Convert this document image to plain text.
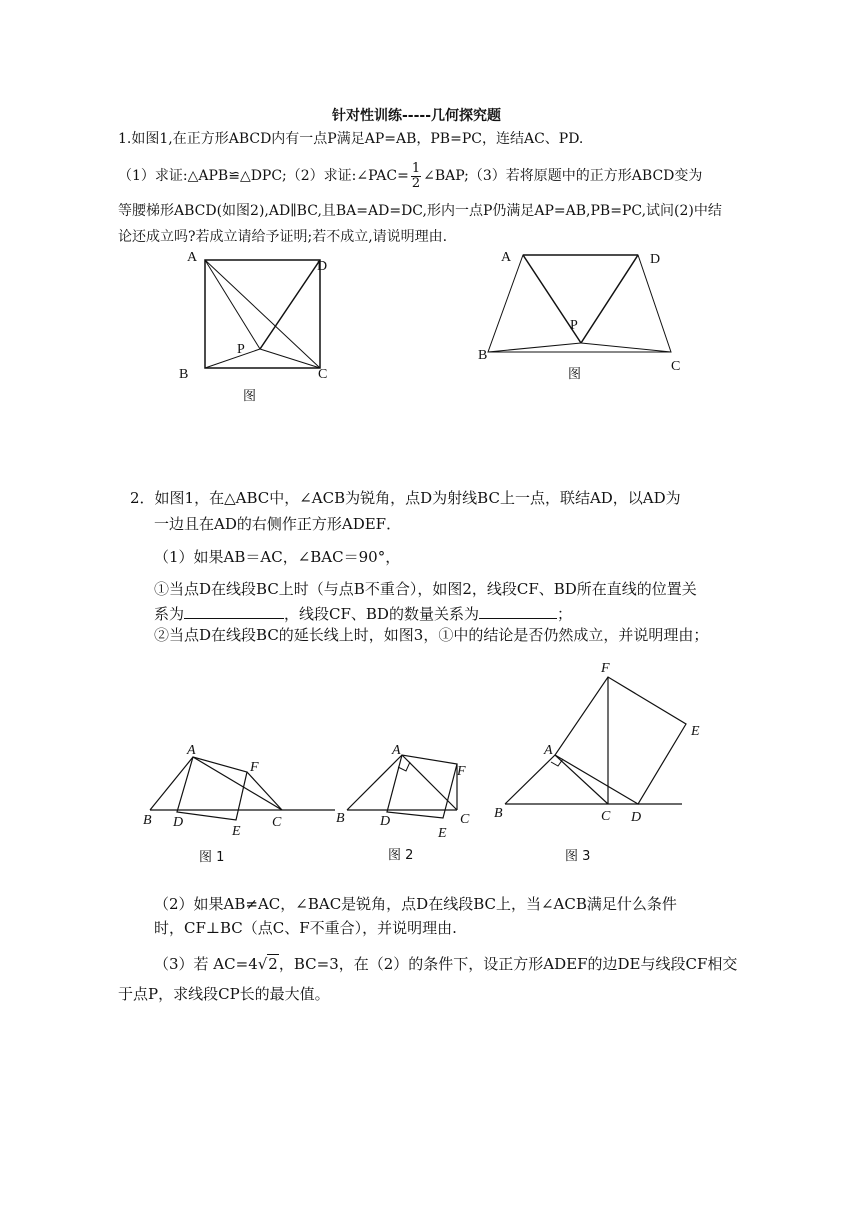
针对性训练-----几何探究题
1.如图1,在正方形ABCD内有一点P满足AP=AB，PB=PC，连结AC、PD.
（1）求证:△APB≌△DPC;（2）求证:∠PAC= $\frac{1}{2}$ ∠BAP;（3）若将原题中的正方形ABCD变为
等腰梯形ABCD(如图2),AD∥BC,且BA=AD=DC,形内一点P仍满足AP=AB,PB=PC,试问(2)中结
论还成立吗?若成立请给予证明;若不成立,请说明理由.
A
D
P
B	C
图
A	D
P
B
C
图
2．如图1，在△ABC中，∠ACB为锐角，点D为射线BC上一点，联结AD，以AD为
一边且在AD的右侧作正方形ADEF．
（1）如果AB＝AC，∠BAC＝90°，
①当点D在线段BC上时（与点B不重合），如图2，线段CF、BD所在直线的位置关
系为	，线段CF、BD的数量关系为	；
②当点D在线段BC的延长线上时，如图3，①中的结论是否仍然成立，并说明理由；
A
F
B D
E
C
图 1
A
F
B	D
E
C
图 2
F
E
A
B	C D
图 3
（2）如果AB≠AC，∠BAC是锐角，点D在线段BC上，当∠ACB满足什么条件
时，CF⊥BC（点C、F不重合），并说明理由.
（3）若 AC=4√2，BC=3，在（2）的条件下，设正方形ADEF的边DE与线段CF相交
于点P，求线段CP长的最大值。
